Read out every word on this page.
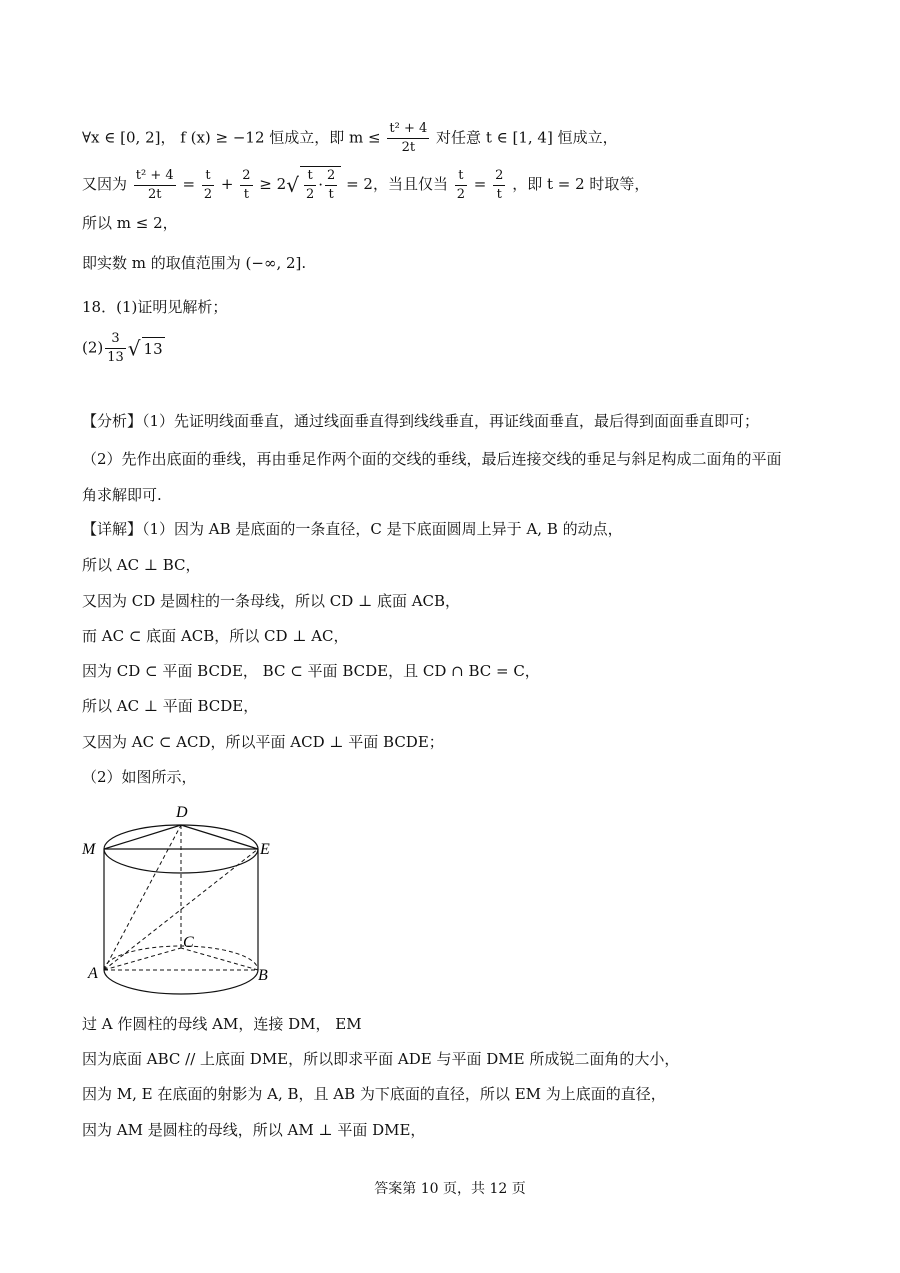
∀x ∈ [0, 2]， f (x) ≥ −12 恒成立，即 $m \le \frac{\text{t² + 4}}{2t}$ 对任意 t ∈ [1, 4] 恒成立，
又因为 $\frac{\text{t² + 4}}{2t} = \frac{t}{2} + \frac{2}{t} \ge 2√ \frac{t}{2} \cdot \frac{2}{t} = 2$，当且仅当 $\frac{t}{2} = \frac{2}{t}$ ，即 t = 2 时取等，
所以 m ≤ 2，
即实数 m 的取值范围为 (−∞, 2].
18．(1)证明见解析；
$(2) \frac{3}{13}$ √ 13
【分析】（1）先证明线面垂直，通过线面垂直得到线线垂直，再证线面垂直，最后得到面面垂直即可；
（2）先作出底面的垂线，再由垂足作两个面的交线的垂线，最后连接交线的垂足与斜足构成二面角的平面
角求解即可.
【详解】（1）因为 AB 是底面的一条直径，C 是下底面圆周上异于 A, B 的动点，
所以 AC ⊥ BC，
又因为 CD 是圆柱的一条母线，所以 CD ⊥ 底面 ACB，
而 AC ⊂ 底面 ACB，所以 CD ⊥ AC，
因为 CD ⊂ 平面 BCDE， BC ⊂ 平面 BCDE，且 CD ∩ BC = C，
所以 AC ⊥ 平面 BCDE，
又因为 AC ⊂ ACD，所以平面 ACD ⊥ 平面 BCDE；
（2）如图所示，
D
M	E
C
A	B
过 A 作圆柱的母线 AM，连接 DM， EM
因为底面 ABC // 上底面 DME，所以即求平面 ADE 与平面 DME 所成锐二面角的大小，
因为 M, E 在底面的射影为 A, B，且 AB 为下底面的直径，所以 EM 为上底面的直径，
因为 AM 是圆柱的母线，所以 AM ⊥ 平面 DME，
答案第 10 页，共 12 页
